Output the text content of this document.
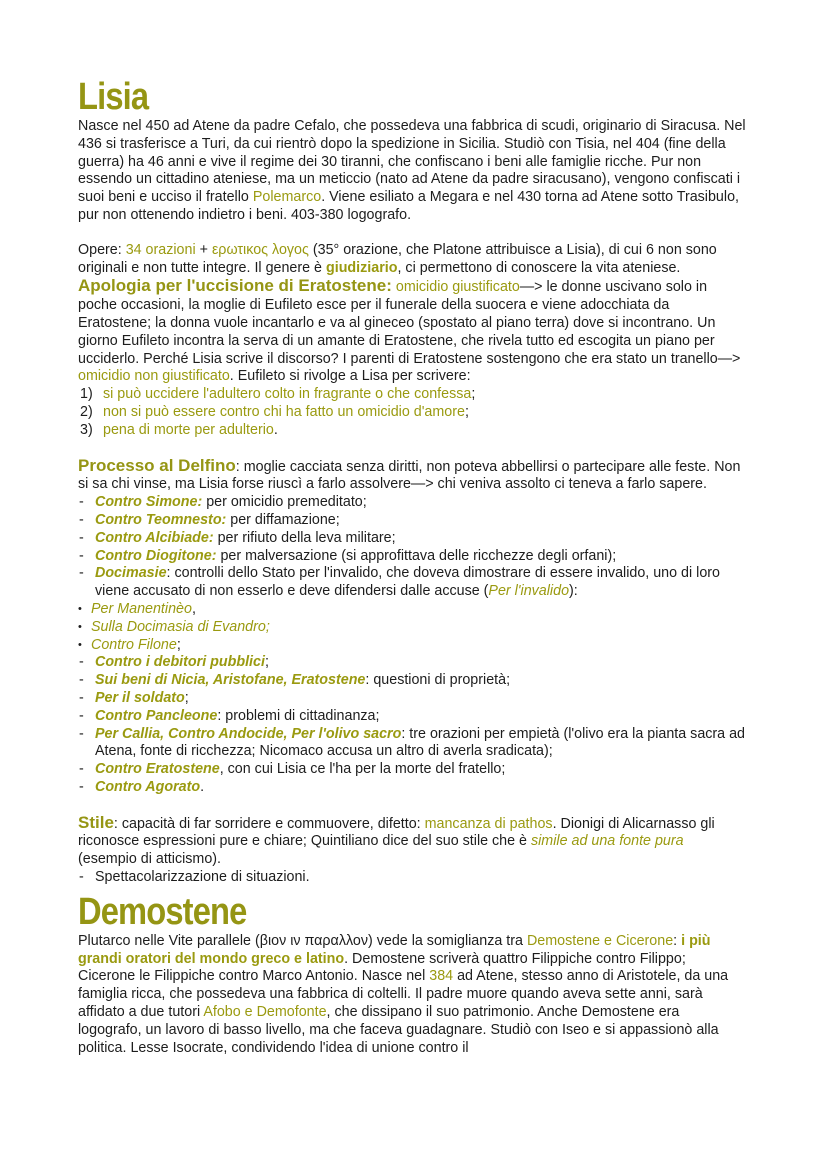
Lisia

Nasce nel 450 ad Atene da padre Cefalo, che possedeva una fabbrica di scudi, originario di Siracusa. Nel 436 si trasferisce a Turi, da cui rientrò dopo la spedizione in Sicilia. Studiò con Tisia, nel 404 (fine della guerra) ha 46 anni e vive il regime dei 30 tiranni, che confiscano i beni alle famiglie ricche. Pur non essendo un cittadino ateniese, ma un meticcio (nato ad Atene da padre siracusano), vengono confiscati i suoi beni e ucciso il fratello Polemarco. Viene esiliato a Megara e nel 430 torna ad Atene sotto Trasibulo, pur non ottenendo indietro i beni. 403-380 logografo.

Opere: 34 orazioni + ερωτικος λογος (35° orazione, che Platone attribuisce a Lisia), di cui 6 non sono originali e non tutte integre. Il genere è giudiziario, ci permettono di conoscere la vita ateniese.

Apologia per l'uccisione di Eratostene: omicidio giustificato—> le donne uscivano solo in poche occasioni, la moglie di Eufileto esce per il funerale della suocera e viene adocchiata da Eratostene; la donna vuole incantarlo e va al gineceo (spostato al piano terra) dove si incontrano. Un giorno Eufileto incontra la serva di un amante di Eratostene, che rivela tutto ed escogita un piano per ucciderlo. Perché Lisia scrive il discorso? I parenti di Eratostene sostengono che era stato un tranello—> omicidio non giustificato. Eufileto si rivolge a Lisa per scrivere:

1) si può uccidere l'adultero colto in fragrante o che confessa;
2) non si può essere contro chi ha fatto un omicidio d'amore;
3) pena di morte per adulterio.

Processo al Delfino: moglie cacciata senza diritti, non poteva abbellirsi o partecipare alle feste. Non si sa chi vinse, ma Lisia forse riuscì a farlo assolvere—> chi veniva assolto ci teneva a farlo sapere.

- Contro Simone: per omicidio premeditato;
- Contro Teomnesto: per diffamazione;
- Contro Alcibiade: per rifiuto della leva militare;
- Contro Diogitone: per malversazione (si approfittava delle ricchezze degli orfani);
- Docimasie: controlli dello Stato per l'invalido, che doveva dimostrare di essere invalido, uno di loro viene accusato di non esserlo e deve difendersi dalle accuse (Per l'invalido):
• Per Manentinèo,
• Sulla Docimasia di Evandro;
• Contro Filone;
- Contro i debitori pubblici;
- Sui beni di Nicia, Aristofane, Eratostene: questioni di proprietà;
- Per il soldato;
- Contro Pancleone: problemi di cittadinanza;
- Per Callia, Contro Andocide, Per l'olivo sacro: tre orazioni per empietà (l'olivo era la pianta sacra ad Atena, fonte di ricchezza; Nicomaco accusa un altro di averla sradicata);
- Contro Eratostene, con cui Lisia ce l'ha per la morte del fratello;
- Contro Agorato.

Stile: capacità di far sorridere e commuovere, difetto: mancanza di pathos. Dionigi di Alicarnasso gli riconosce espressioni pure e chiare; Quintiliano dice del suo stile che è simile ad una fonte pura (esempio di atticismo).

- Spettacolarizzazione di situazioni.
Demostene

Plutarco nelle Vite parallele (βιον ιν παραλλον) vede la somiglianza tra Demostene e Cicerone: i più grandi oratori del mondo greco e latino. Demostene scriverà quattro Filippiche contro Filippo; Cicerone le Filippiche contro Marco Antonio. Nasce nel 384 ad Atene, stesso anno di Aristotele, da una famiglia ricca, che possedeva una fabbrica di coltelli. Il padre muore quando aveva sette anni, sarà affidato a due tutori Afobo e Demofonte, che dissipano il suo patrimonio. Anche Demostene era logografo, un lavoro di basso livello, ma che faceva guadagnare. Studiò con Iseo e si appassionò alla politica. Lesse Isocrate, condividendo l'idea di unione contro il
